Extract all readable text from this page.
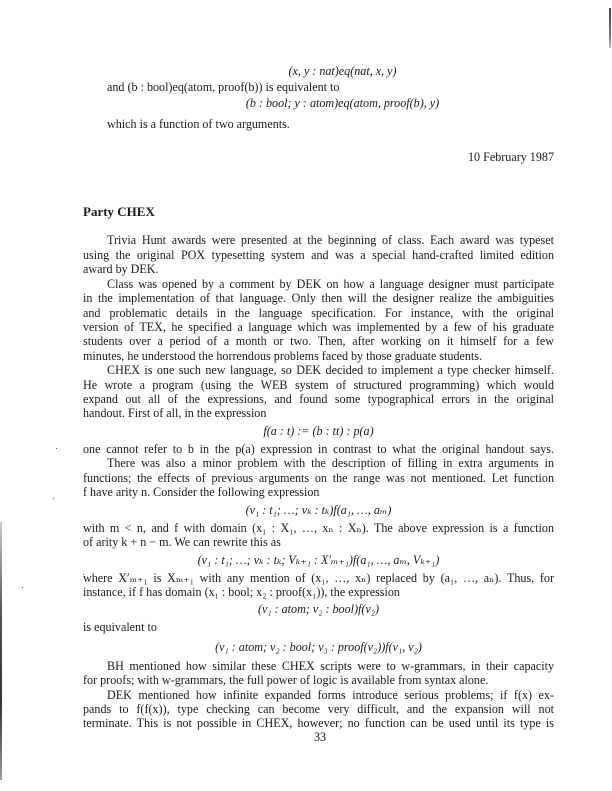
(x, y : nat)eq(nat, x, y)
and (b : bool)eq(atom, proof(b)) is equivalent to
(b : bool; y : atom)eq(atom, proof(b), y)
which is a function of two arguments.
10 February 1987
Party CHEX
Trivia Hunt awards were presented at the beginning of class. Each award was typeset
using the original POX typesetting system and was a special hand-crafted limited edition
award by DEK.
Class was opened by a comment by DEK on how a language designer must participate
in the implementation of that language. Only then will the designer realize the ambiguities
and problematic details in the language specification. For instance, with the original
version of TEX, he specified a language which was implemented by a few of his graduate
students over a period of a month or two. Then, after working on it himself for a few
minutes, he understood the horrendous problems faced by those graduate students.
CHEX is one such new language, so DEK decided to implement a type checker himself.
He wrote a program (using the WEB system of structured programming) which would
expand out all of the expressions, and found some typographical errors in the original
handout. First of all, in the expression
f(a : t) := (b : tt) : p(a)
one cannot refer to b in the p(a) expression in contrast to what the original handout says.
There was also a minor problem with the description of filling in extra arguments in
functions; the effects of previous arguments on the range was not mentioned. Let function
f have arity n. Consider the following expression
(v₁ : t₁; …; vₖ : tₖ)f(a₁, …, aₘ)
with m < n, and f with domain (x₁ : X₁, …, xₙ : Xₙ). The above expression is a function
of arity k + n − m. We can rewrite this as
(v₁ : t₁; …; vₖ : tₖ; Vₖ₊₁ : X′ₘ₊₁)f(a₁, …, aₘ, Vₖ₊₁)
where X′ₘ₊₁ is Xₘ₊₁ with any mention of (x₁, …, xₙ) replaced by (a₁, …, aₙ). Thus, for
instance, if f has domain (x₁ : bool; x₂ : proof(x₁)), the expression
(v₁ : atom; v₂ : bool)f(v₂)
is equivalent to
(v₁ : atom; v₂ : bool; v₃ : proof(v₂))f(v₁, v₂)
BH mentioned how similar these CHEX scripts were to w-grammars, in their capacity
for proofs; with w-grammars, the full power of logic is available from syntax alone.
DEK mentioned how infinite expanded forms introduce serious problems; if f(x) ex-
pands to f(f(x)), type checking can become very difficult, and the expansion will not
terminate. This is not possible in CHEX, however; no function can be used until its type is
33
